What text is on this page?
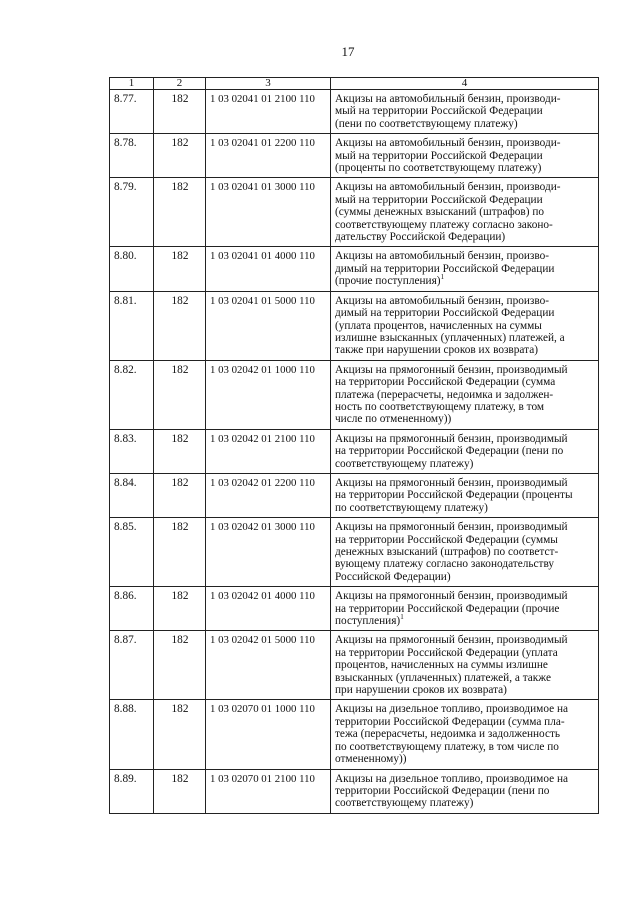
17
1	2	3	4
8.77.	182	1 03 02041 01 2100 110	Акцизы на автомобильный бензин, производи-
мый на территории Российской Федерации
(пени по соответствующему платежу)

8.78.	182	1 03 02041 01 2200 110	Акцизы на автомобильный бензин, производи-
мый на территории Российской Федерации
(проценты по соответствующему платежу)

8.79.	182	1 03 02041 01 3000 110	Акцизы на автомобильный бензин, производи-
мый на территории Российской Федерации
(суммы денежных взысканий (штрафов) по
соответствующему платежу согласно законо-
дательству Российской Федерации)

8.80.	182	1 03 02041 01 4000 110	Акцизы на автомобильный бензин, произво-
димый на территории Российской Федерации
(прочие поступления)$^1$

8.81.	182	1 03 02041 01 5000 110	Акцизы на автомобильный бензин, произво-
димый на территории Российской Федерации
(уплата процентов, начисленных на суммы
излишне взысканных (уплаченных) платежей, а
также при нарушении сроков их возврата)

8.82.	182	1 03 02042 01 1000 110	Акцизы на прямогонный бензин, производимый
на территории Российской Федерации (сумма
платежа (перерасчеты, недоимка и задолжен-
ность по соответствующему платежу, в том
числе по отмененному))

8.83.	182	1 03 02042 01 2100 110	Акцизы на прямогонный бензин, производимый
на территории Российской Федерации (пени по
соответствующему платежу)

8.84.	182	1 03 02042 01 2200 110	Акцизы на прямогонный бензин, производимый
на территории Российской Федерации (проценты
по соответствующему платежу)

8.85.	182	1 03 02042 01 3000 110	Акцизы на прямогонный бензин, производимый
на территории Российской Федерации (суммы
денежных взысканий (штрафов) по соответст-
вующему платежу согласно законодательству
Российской Федерации)

8.86.	182	1 03 02042 01 4000 110	Акцизы на прямогонный бензин, производимый
на территории Российской Федерации (прочие
поступления)$^1$

8.87.	182	1 03 02042 01 5000 110	Акцизы на прямогонный бензин, производимый
на территории Российской Федерации (уплата
процентов, начисленных на суммы излишне
взысканных (уплаченных) платежей, а также
при нарушении сроков их возврата)

8.88.	182	1 03 02070 01 1000 110	Акцизы на дизельное топливо, производимое на
территории Российской Федерации (сумма пла-
тежа (перерасчеты, недоимка и задолженность
по соответствующему платежу, в том числе по
отмененному))

8.89.	182	1 03 02070 01 2100 110	Акцизы на дизельное топливо, производимое на
территории Российской Федерации (пени по
соответствующему платежу)
